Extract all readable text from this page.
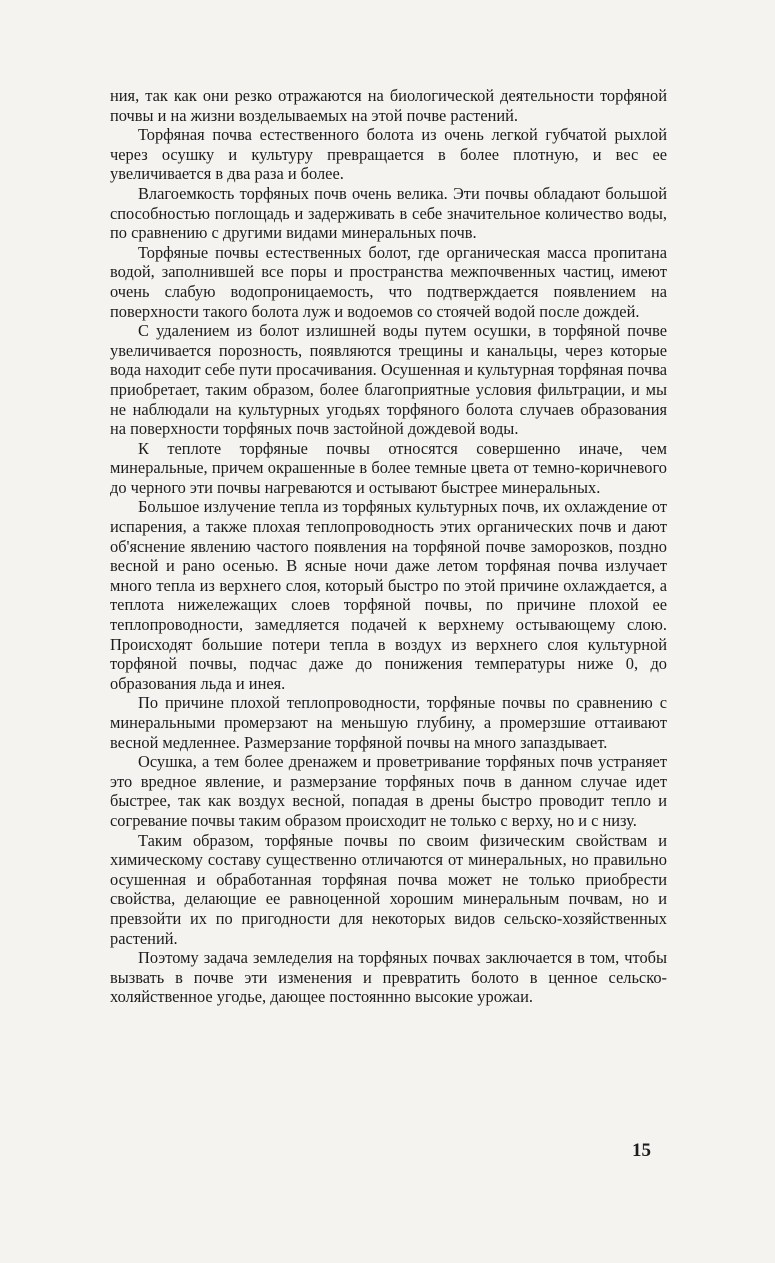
ния, так как они резко отражаются на биологической деятельности торфяной почвы и на жизни возделываемых на этой почве растений.

Торфяная почва естественного болота из очень легкой губчатой рыхлой через осушку и культуру превращается в более плотную, и вес ее увеличивается в два раза и более.

Влагоемкость торфяных почв очень велика. Эти почвы обладают большой способностью поглощадь и задерживать в себе значительное количество воды, по сравнению с другими видами минеральных почв.

Торфяные почвы естественных болот, где органическая масса пропитана водой, заполнившей все поры и пространства межпочвенных частиц, имеют очень слабую водопроницаемость, что подтверждается появлением на поверхности такого болота луж и водоемов со стоячей водой после дождей.

С удалением из болот излишней воды путем осушки, в торфяной почве увеличивается порозность, появляются трещины и канальцы, через которые вода находит себе пути просачивания. Осушенная и культурная торфяная почва приобретает, таким образом, более благоприятные условия фильтрации, и мы не наблюдали на культурных угодьях торфяного болота случаев образования на поверхности торфяных почв застойной дождевой воды.

К теплоте торфяные почвы относятся совершенно иначе, чем минеральные, причем окрашенные в более темные цвета от темно-коричневого до черного эти почвы нагреваются и остывают быстрее минеральных.

Большое излучение тепла из торфяных культурных почв, их охлаждение от испарения, а также плохая теплопроводность этих органических почв и дают об'яснение явлению частого появления на торфяной почве заморозков, поздно весной и рано осенью. В ясные ночи даже летом торфяная почва излучает много тепла из верхнего слоя, который быстро по этой причине охлаждается, а теплота нижележащих слоев торфяной почвы, по причине плохой ее теплопроводности, замедляется подачей к верхнему остывающему слою. Происходят большие потери тепла в воздух из верхнего слоя культурной торфяной почвы, подчас даже до понижения температуры ниже 0, до образования льда и инея.

По причине плохой теплопроводности, торфяные почвы по сравнению с минеральными промерзают на меньшую глубину, а промерзшие оттаивают весной медленнее. Размерзание торфяной почвы на много запаздывает.

Осушка, а тем более дренажем и проветривание торфяных почв устраняет это вредное явление, и размерзание торфяных почв в данном случае идет быстрее, так как воздух весной, попадая в дрены быстро проводит тепло и согревание почвы таким образом происходит не только с верху, но и с низу.

Таким образом, торфяные почвы по своим физическим свойствам и химическому составу существенно отличаются от минеральных, но правильно осушенная и обработанная торфяная почва может не только приобрести свойства, делающие ее равноценной хорошим минеральным почвам, но и превзойти их по пригодности для некоторых видов сельско-хозяйственных растений.

Поэтому задача земледелия на торфяных почвах заключается в том, чтобы вызвать в почве эти изменения и превратить болото в ценное сельско-холяйственное угодье, дающее постояннно высокие урожаи.

15
